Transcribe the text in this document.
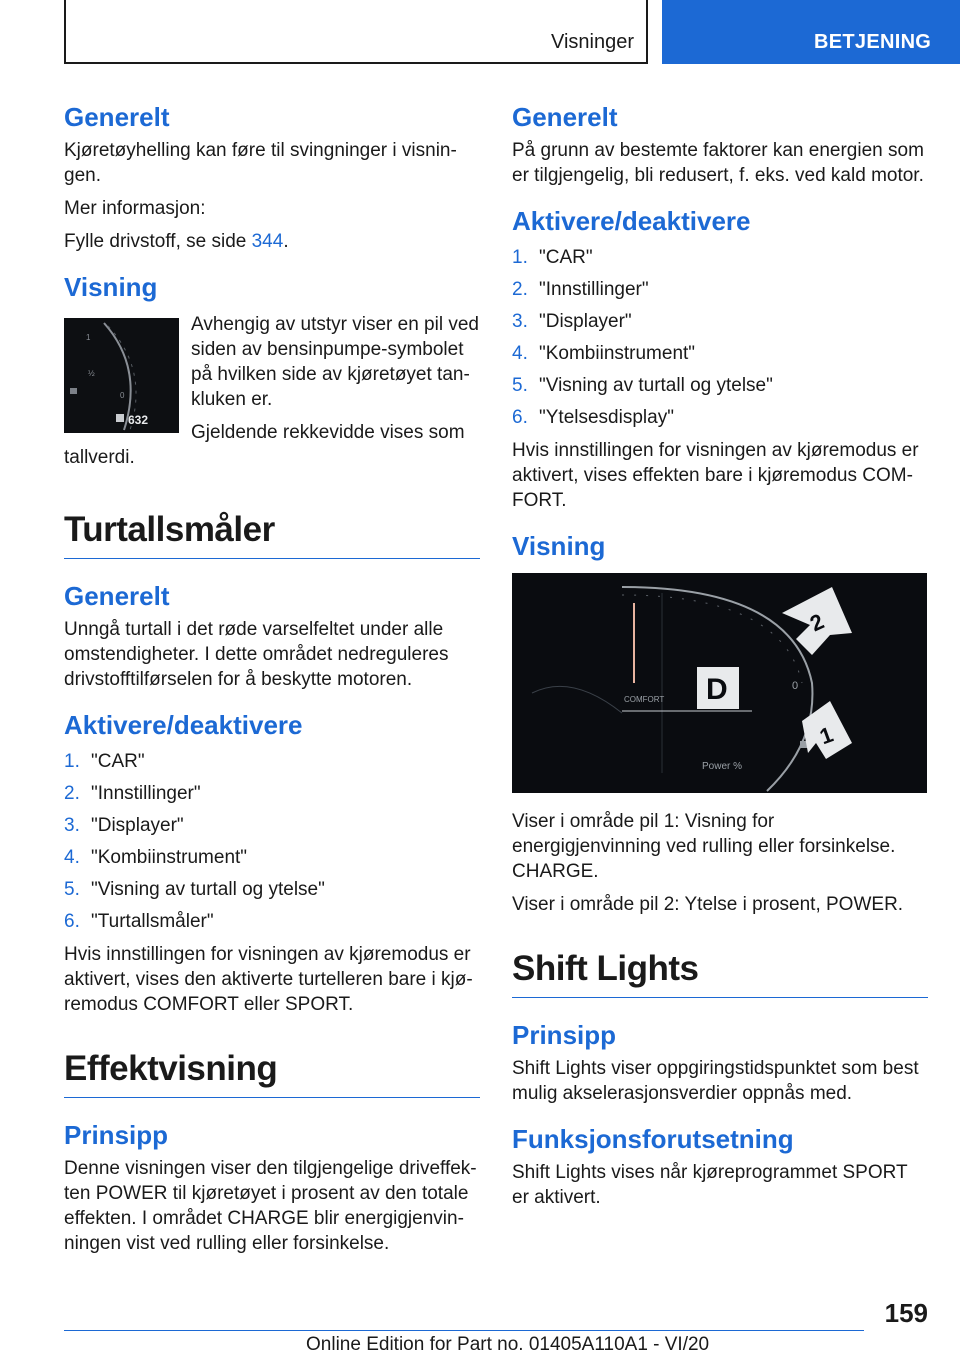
Visninger	BETJENING
Generelt

Kjøretøyhelling kan føre til svingninger i visnin-gen.

Mer informasjon:

Fylle drivstoff, se side 344.

Visning
1
½
0
632

Avhengig av utstyr viser en pil ved siden av bensinpumpe-symbolet på hvilken side av kjøretøyet tan-kluken er.

Gjeldende rekkevidde vises som tallverdi.

Turtallsmåler
Generelt

Unngå turtall i det røde varselfeltet under alle omstendigheter. I dette området nedreguleres drivstofftilførselen for å beskytte motoren.

Aktivere/deaktivere
1. "CAR"
2. "Innstillinger"
3. "Displayer"
4. "Kombiinstrument"
5. "Visning av turtall og ytelse"
6. "Turtallsmåler"

Hvis innstillingen for visningen av kjøremodus er aktivert, vises den aktiverte turtelleren bare i kjø-remodus COMFORT eller SPORT.

Effektvisning
Prinsipp

Denne visningen viser den tilgjengelige driveffek-ten POWER til kjøretøyet i prosent av den totale effekten. I området CHARGE blir energigjenvin-ningen vist ved rulling eller forsinkelse.

Generelt

På grunn av bestemte faktorer kan energien som er tilgjengelig, bli redusert, f. eks. ved kald motor.

Aktivere/deaktivere
1. "CAR"
2. "Innstillinger"
3. "Displayer"
4. "Kombiinstrument"
5. "Visning av turtall og ytelse"
6. "Ytelsesdisplay"

Hvis innstillingen for visningen av kjøremodus er aktivert, vises effekten bare i kjøremodus COM-FORT.

Visning
COMFORT D
Power %
0
2
1

Viser i område pil 1: Visning for energigjenvinning ved rulling eller forsinkelse. CHARGE.

Viser i område pil 2: Ytelse i prosent, POWER.

Shift Lights
Prinsipp

Shift Lights viser oppgiringstidspunktet som best mulig akselerasjonsverdier oppnås med.

Funksjonsforutsetning

Shift Lights vises når kjøreprogrammet SPORT er aktivert.

159
Online Edition for Part no. 01405A110A1 - VI/20
